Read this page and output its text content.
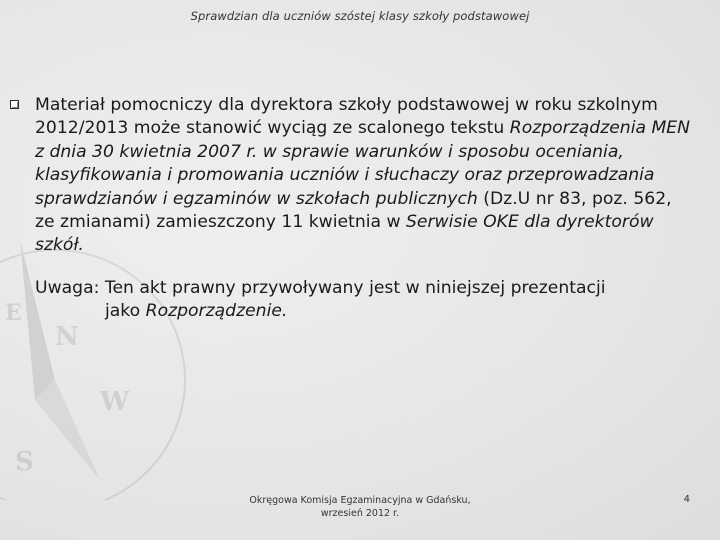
N
W
S
E
Sprawdzian dla uczniów szóstej klasy szkoły podstawowej
Materiał pomocniczy dla dyrektora szkoły podstawowej w roku szkolnym 2012/2013 może stanowić wyciąg ze scalonego tekstu Rozporządzenia MEN z dnia 30 kwietnia 2007 r. w sprawie warunków i sposobu oceniania, klasyfikowania i promowania uczniów i słuchaczy oraz przeprowadzania sprawdzianów i egzaminów w szkołach publicznych (Dz.U nr 83, poz. 562, ze zmianami) zamieszczony 11 kwietnia w Serwisie OKE dla dyrektorów szkół.
Uwaga: Ten akt prawny przywoływany jest w niniejszej prezentacji
jako Rozporządzenie.
Okręgowa Komisja Egzaminacyjna w Gdańsku,
wrzesień 2012 r.
4
